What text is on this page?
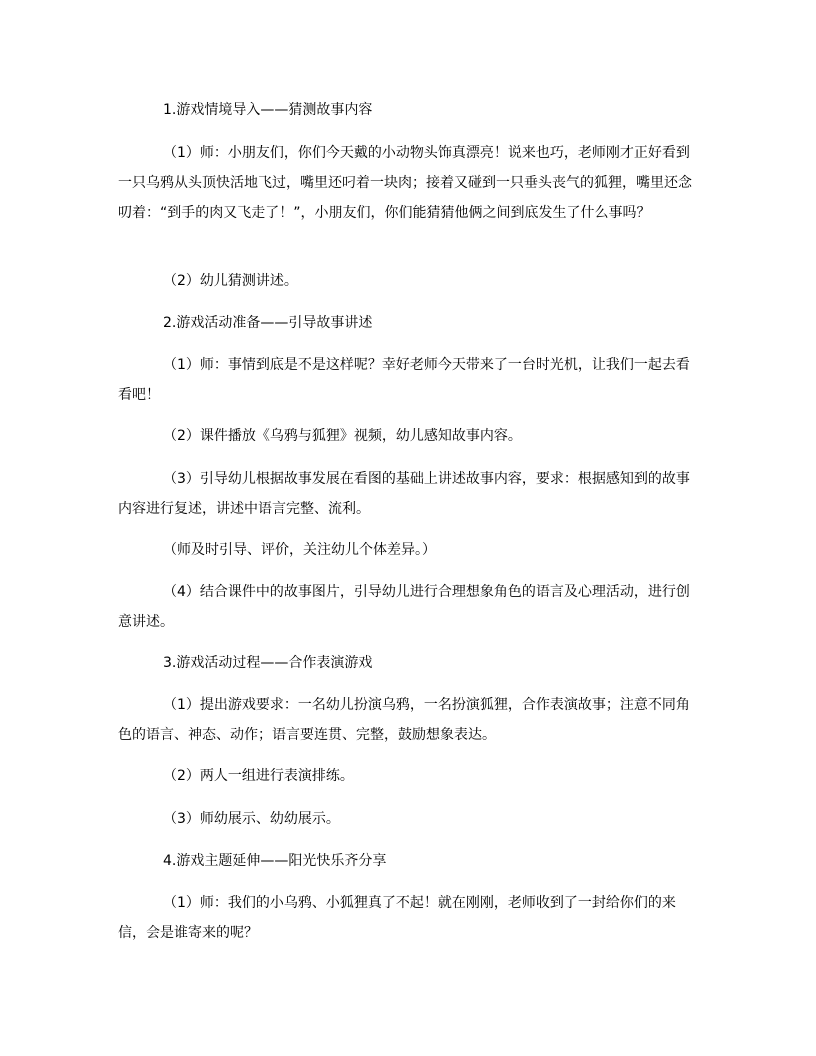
1.游戏情境导入——猜测故事内容

（1）师：小朋友们，你们今天戴的小动物头饰真漂亮！说来也巧，老师刚才正好看到一只乌鸦从头顶快活地飞过，嘴里还叼着一块肉；接着又碰到一只垂头丧气的狐狸，嘴里还念叨着：“到手的肉又飞走了！”，小朋友们，你们能猜猜他俩之间到底发生了什么事吗？

（2）幼儿猜测讲述。

2.游戏活动准备——引导故事讲述

（1）师：事情到底是不是这样呢？幸好老师今天带来了一台时光机，让我们一起去看看吧！

（2）课件播放《乌鸦与狐狸》视频，幼儿感知故事内容。

（3）引导幼儿根据故事发展在看图的基础上讲述故事内容，要求：根据感知到的故事内容进行复述，讲述中语言完整、流利。

（师及时引导、评价，关注幼儿个体差异。）

（4）结合课件中的故事图片，引导幼儿进行合理想象角色的语言及心理活动，进行创意讲述。

3.游戏活动过程——合作表演游戏

（1）提出游戏要求：一名幼儿扮演乌鸦，一名扮演狐狸，合作表演故事；注意不同角色的语言、神态、动作；语言要连贯、完整，鼓励想象表达。

（2）两人一组进行表演排练。

（3）师幼展示、幼幼展示。

4.游戏主题延伸——阳光快乐齐分享

（1）师：我们的小乌鸦、小狐狸真了不起！就在刚刚，老师收到了一封给你们的来信，会是谁寄来的呢？
